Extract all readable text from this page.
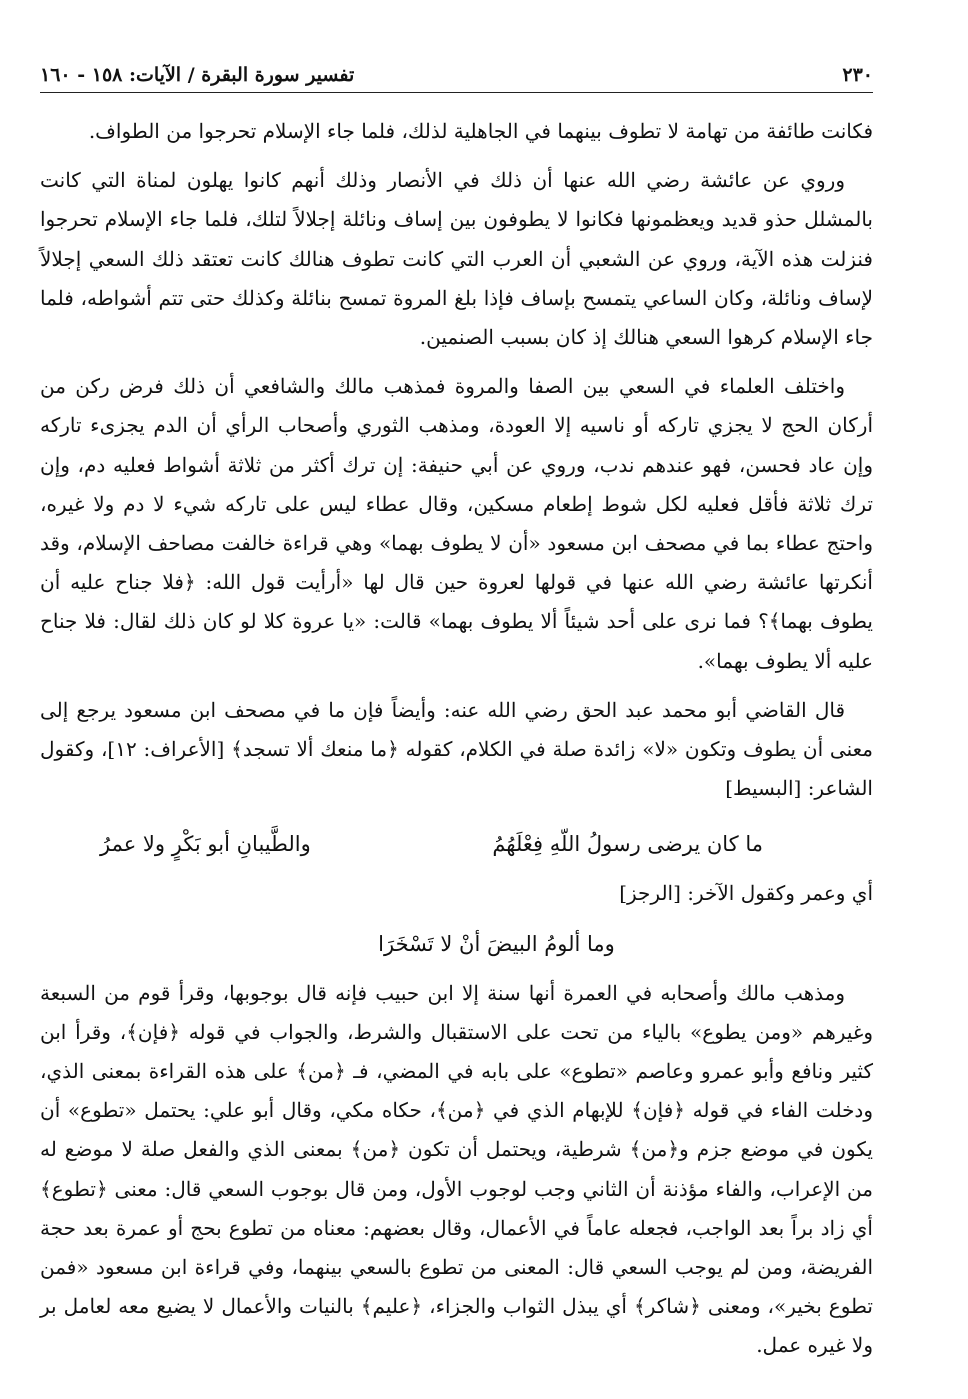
٢٣٠
تفسير سورة البقرة / الآيات: ١٥٨ - ١٦٠

فكانت طائفة من تهامة لا تطوف بينهما في الجاهلية لذلك، فلما جاء الإسلام تحرجوا من الطواف.

وروي عن عائشة رضي الله عنها أن ذلك في الأنصار وذلك أنهم كانوا يهلون لمناة التي كانت بالمشلل حذو قديد ويعظمونها فكانوا لا يطوفون بين إساف ونائلة إجلالاً لتلك، فلما جاء الإسلام تحرجوا فنزلت هذه الآية، وروي عن الشعبي أن العرب التي كانت تطوف هنالك كانت تعتقد ذلك السعي إجلالاً لإساف ونائلة، وكان الساعي يتمسح بإساف فإذا بلغ المروة تمسح بنائلة وكذلك حتى تتم أشواطه، فلما جاء الإسلام كرهوا السعي هنالك إذ كان بسبب الصنمين.

واختلف العلماء في السعي بين الصفا والمروة فمذهب مالك والشافعي أن ذلك فرض ركن من أركان الحج لا يجزي تاركه أو ناسيه إلا العودة، ومذهب الثوري وأصحاب الرأي أن الدم يجزىء تاركه وإن عاد فحسن، فهو عندهم ندب، وروي عن أبي حنيفة: إن ترك أكثر من ثلاثة أشواط فعليه دم، وإن ترك ثلاثة فأقل فعليه لكل شوط إطعام مسكين، وقال عطاء ليس على تاركه شيء لا دم ولا غيره، واحتج عطاء بما في مصحف ابن مسعود «أن لا يطوف بهما» وهي قراءة خالفت مصاحف الإسلام، وقد أنكرتها عائشة رضي الله عنها في قولها لعروة حين قال لها «أرأيت قول الله: ﴿فلا جناح عليه أن يطوف بهما﴾؟ فما نرى على أحد شيئاً ألا يطوف بهما» قالت: «يا عروة كلا لو كان ذلك لقال: فلا جناح عليه ألا يطوف بهما».

قال القاضي أبو محمد عبد الحق رضي الله عنه: وأيضاً فإن ما في مصحف ابن مسعود يرجع إلى معنى أن يطوف وتكون «لا» زائدة صلة في الكلام، كقوله ﴿ما منعك ألا تسجد﴾ [الأعراف: ١٢]، وكقول الشاعر: [البسيط]

ما كان يرضى رسولُ اللّهِ فِعْلَهُمُ
والطَّيبانِ أبو بَكْرٍ ولا عمرُ

أي وعمر وكقول الآخر: [الرجز]

وما ألومُ البيضَ أنْ لا تَسْخَرَا

ومذهب مالك وأصحابه في العمرة أنها سنة إلا ابن حبيب فإنه قال بوجوبها، وقرأ قوم من السبعة وغيرهم «ومن يطوع» بالياء من تحت على الاستقبال والشرط، والجواب في قوله ﴿فإن﴾، وقرأ ابن كثير ونافع وأبو عمرو وعاصم «تطوع» على بابه في المضي، فـ ﴿من﴾ على هذه القراءة بمعنى الذي، ودخلت الفاء في قوله ﴿فإن﴾ للإبهام الذي في ﴿من﴾، حكاه مكي، وقال أبو علي: يحتمل «تطوع» أن يكون في موضع جزم و﴿من﴾ شرطية، ويحتمل أن تكون ﴿من﴾ بمعنى الذي والفعل صلة لا موضع له من الإعراب، والفاء مؤذنة أن الثاني وجب لوجوب الأول، ومن قال بوجوب السعي قال: معنى ﴿تطوع﴾ أي زاد براً بعد الواجب، فجعله عاماً في الأعمال، وقال بعضهم: معناه من تطوع بحج أو عمرة بعد حجة الفريضة، ومن لم يوجب السعي قال: المعنى من تطوع بالسعي بينهما، وفي قراءة ابن مسعود «فمن تطوع بخير»، ومعنى ﴿شاكر﴾ أي يبذل الثواب والجزاء، ﴿عليم﴾ بالنيات والأعمال لا يضيع معه لعامل بر ولا غيره عمل.
